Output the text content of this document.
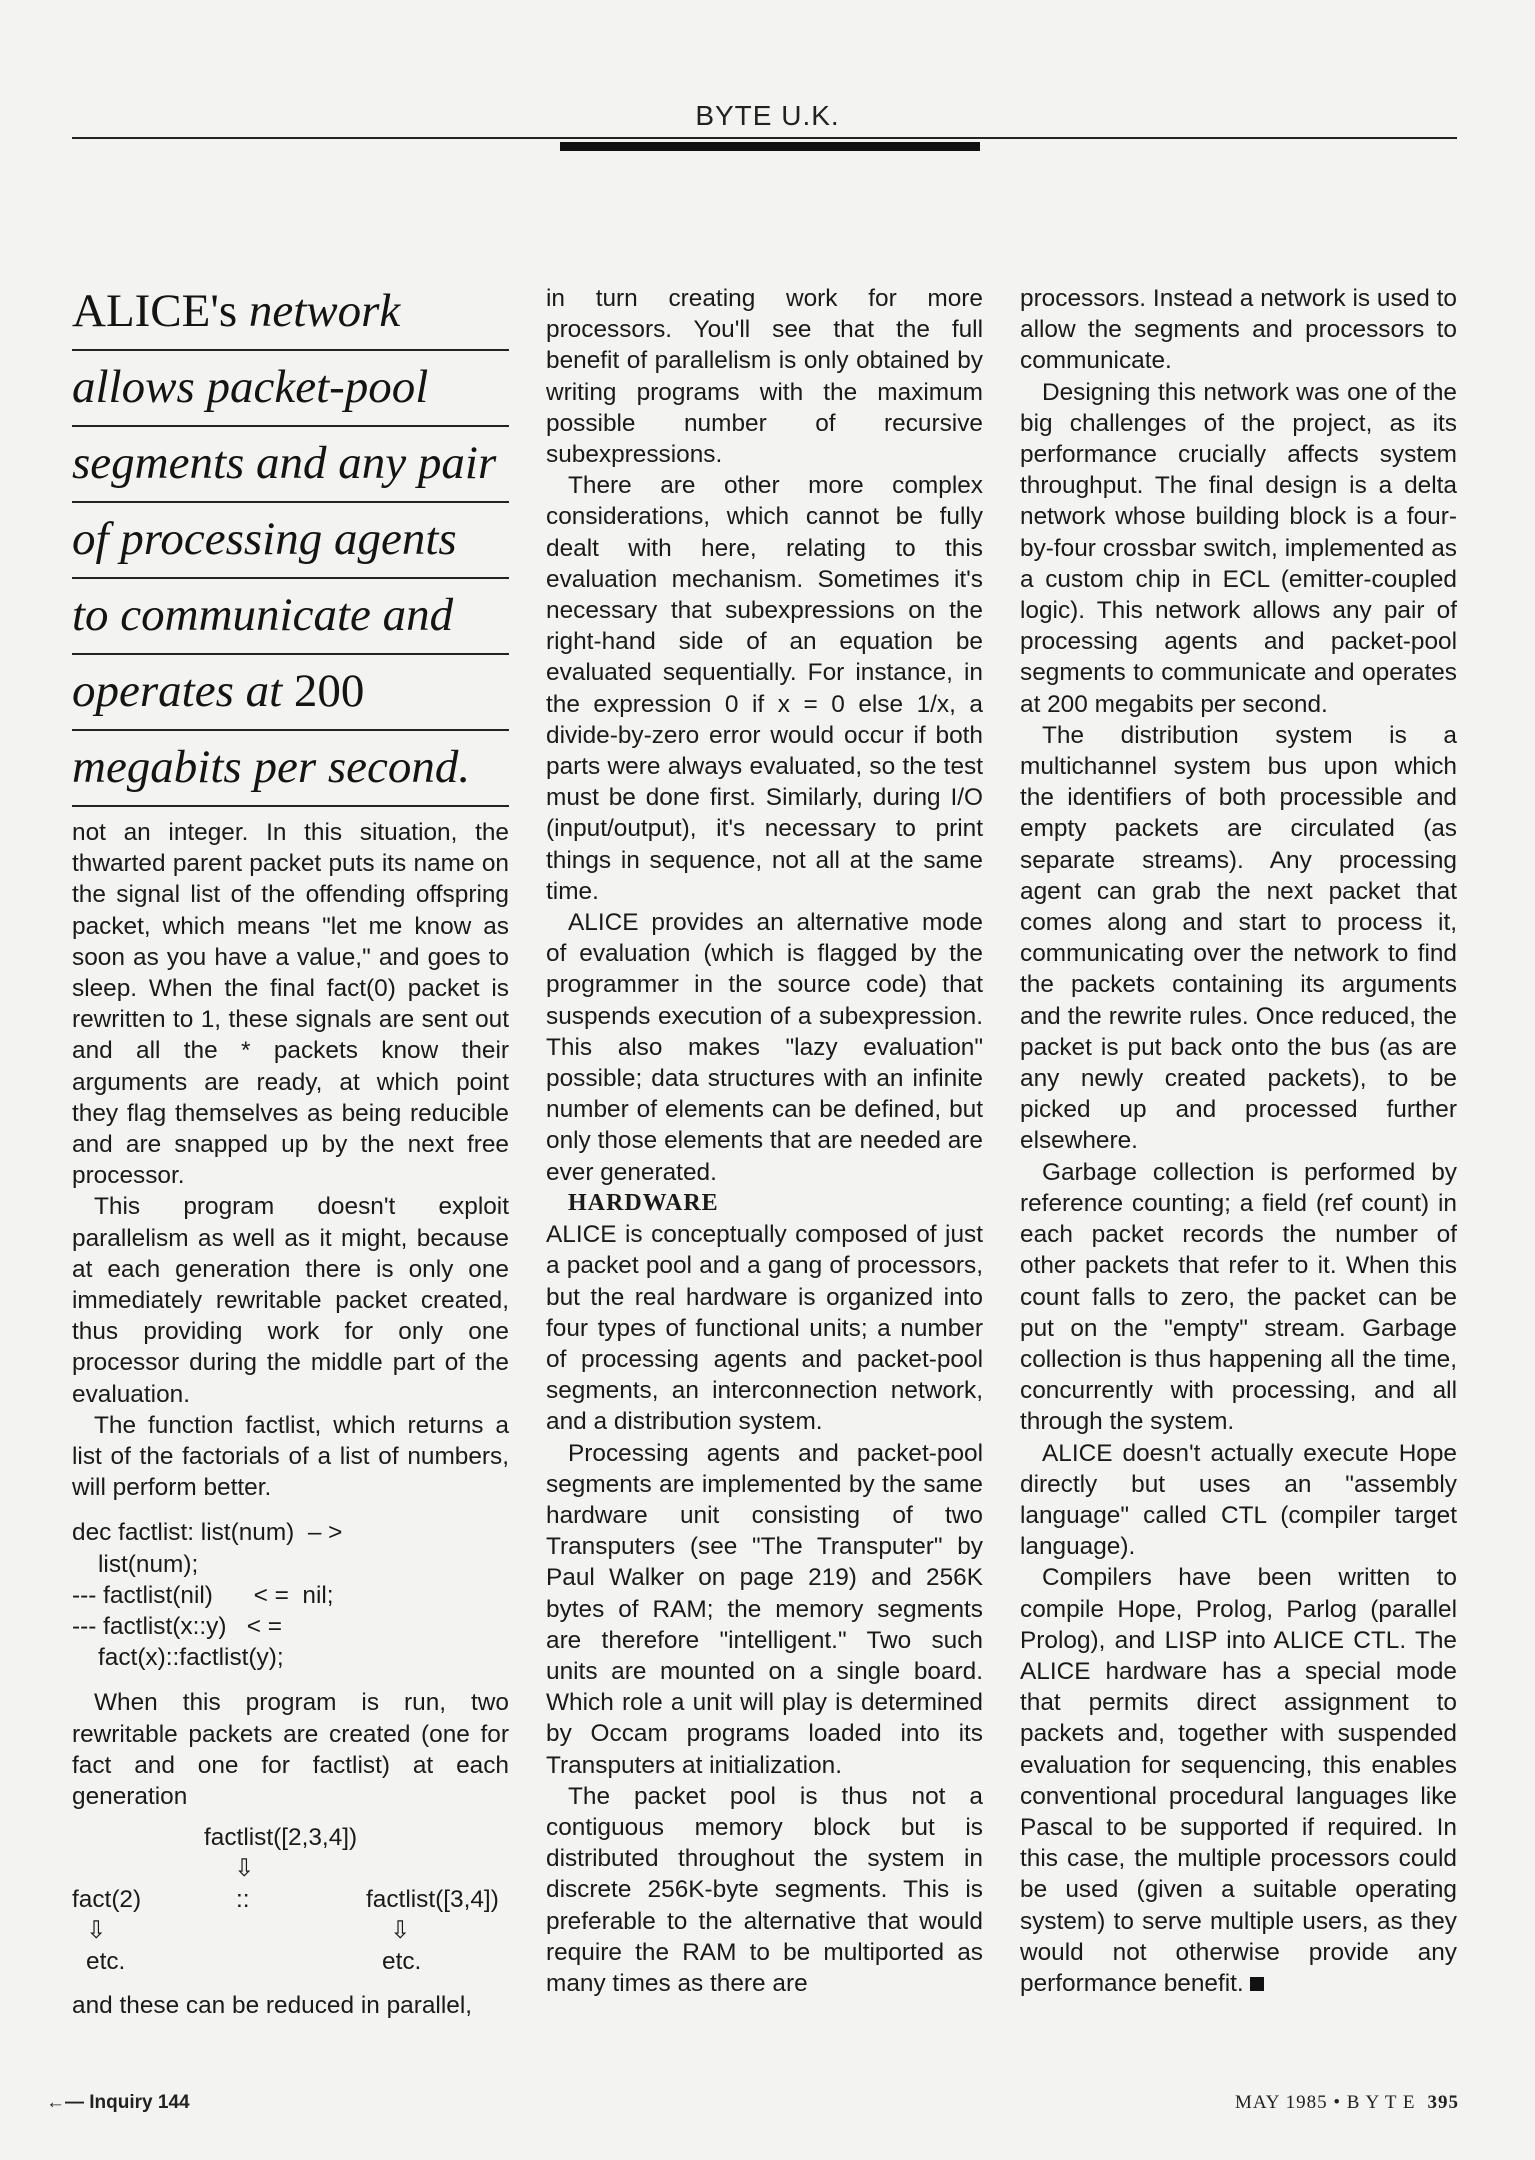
BYTE U.K.
ALICE's network
allows packet-pool
segments and any pair
of processing agents
to communicate and
operates at 200
megabits per second.

not an integer. In this situation, the thwarted parent packet puts its name on the signal list of the offending offspring packet, which means "let me know as soon as you have a value," and goes to sleep. When the final fact(0) packet is rewritten to 1, these signals are sent out and all the * packets know their arguments are ready, at which point they flag themselves as being reducible and are snapped up by the next free processor.

This program doesn't exploit parallelism as well as it might, because at each generation there is only one immediately rewritable packet created, thus providing work for only one processor during the middle part of the evaluation.

The function factlist, which returns a list of the factorials of a list of numbers, will perform better.

dec factlist: list(num)  – >
list(num);
--- factlist(nil)      < =  nil;
--- factlist(x::y)   < =
fact(x)::factlist(y);

When this program is run, two rewritable packets are created (one for fact and one for factlist) at each generation

factlist([2,3,4])
⇩
fact(2)	::	factlist([3,4])
⇩	⇩
etc.	etc.

and these can be reduced in parallel,

in turn creating work for more processors. You'll see that the full benefit of parallelism is only obtained by writing programs with the maximum possible number of recursive subexpressions.

There are other more complex considerations, which cannot be fully dealt with here, relating to this evaluation mechanism. Sometimes it's necessary that subexpressions on the right-hand side of an equation be evaluated sequentially. For instance, in the expression 0 if x = 0 else 1/x, a divide-by-zero error would occur if both parts were always evaluated, so the test must be done first. Similarly, during I/O (input/output), it's necessary to print things in sequence, not all at the same time.

ALICE provides an alternative mode of evaluation (which is flagged by the programmer in the source code) that suspends execution of a subexpression. This also makes "lazy evaluation" possible; data structures with an infinite number of elements can be defined, but only those elements that are needed are ever generated.

HARDWARE

ALICE is conceptually composed of just a packet pool and a gang of processors, but the real hardware is organized into four types of functional units; a number of processing agents and packet-pool segments, an interconnection network, and a distribution system.

Processing agents and packet-pool segments are implemented by the same hardware unit consisting of two Transputers (see "The Transputer" by Paul Walker on page 219) and 256K bytes of RAM; the memory segments are therefore "intelligent." Two such units are mounted on a single board. Which role a unit will play is determined by Occam programs loaded into its Transputers at initialization.

The packet pool is thus not a contiguous memory block but is distributed throughout the system in discrete 256K-byte segments. This is preferable to the alternative that would require the RAM to be multiported as many times as there are

processors. Instead a network is used to allow the segments and processors to communicate.

Designing this network was one of the big challenges of the project, as its performance crucially affects system throughput. The final design is a delta network whose building block is a four-by-four crossbar switch, implemented as a custom chip in ECL (emitter-coupled logic). This network allows any pair of processing agents and packet-pool segments to communicate and operates at 200 megabits per second.

The distribution system is a multichannel system bus upon which the identifiers of both processible and empty packets are circulated (as separate streams). Any processing agent can grab the next packet that comes along and start to process it, communicating over the network to find the packets containing its arguments and the rewrite rules. Once reduced, the packet is put back onto the bus (as are any newly created packets), to be picked up and processed further elsewhere.

Garbage collection is performed by reference counting; a field (ref count) in each packet records the number of other packets that refer to it. When this count falls to zero, the packet can be put on the "empty" stream. Garbage collection is thus happening all the time, concurrently with processing, and all through the system.

ALICE doesn't actually execute Hope directly but uses an "assembly language" called CTL (compiler target language).

Compilers have been written to compile Hope, Prolog, Parlog (parallel Prolog), and LISP into ALICE CTL. The ALICE hardware has a special mode that permits direct assignment to packets and, together with suspended evaluation for sequencing, this enables conventional procedural languages like Pascal to be supported if required. In this case, the multiple processors could be used (given a suitable operating system) to serve multiple users, as they would not otherwise provide any performance benefit.

←— Inquiry 144	MAY 1985 • B Y T E 395
